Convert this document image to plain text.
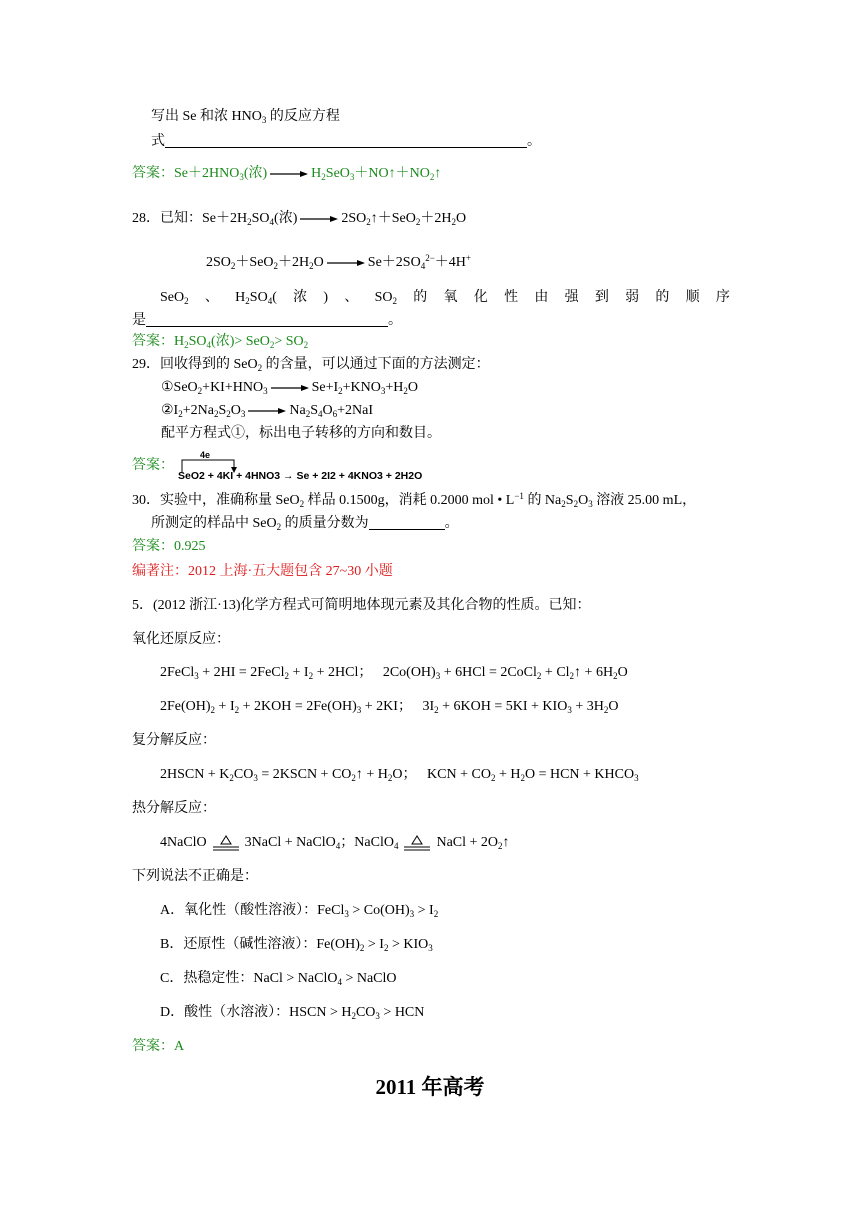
写出 Se 和浓 $HNO_3$ 的反应方程
式	。
答案：$Se+2HNO_3$(浓)	$H_2SeO_3+NO↑+NO_2↑$
28．已知：$Se+2H_2SO_4$(浓)	$2SO_2↑+SeO_2+2H_2O$
$2SO_2+SeO_2+2H_2O$	$Se+2SO_4^{2-}+4H^+$
SeO$_2$ 、 $H_2SO_4$( 浓 ) 、 $SO_2$ 的 氧 化 性 由 强 到 弱 的 顺 序
是	。
答案：$H_2SO_4$(浓)> $SeO_2> SO_2$
29．回收得到的 SeO$_2$ 的含量，可以通过下面的方法测定：
$①SeO_2+KI+HNO_3$	$Se+I_2+KNO_3+H_2O$
$②I_2+2Na_2S_2O_3$	$Na_2S_4O_6+2NaI$
配平方程式①，标出电子转移的方向和数目。
答案：
4e
SeO2 + 4KI + 4HNO3 → Se + 2I2 + 4KNO3 + 2H2O
30．实验中，准确称量 SeO$_2$ 样品 0.1500g，消耗 0.2000 mol • $L^{-1}$ 的 $Na_2S_2O_3$ 溶液 25.00 mL，
所测定的样品中 SeO$_2$ 的质量分数为	。
答案：0.925
编著注：2012 上海·五大题包含 27~30 小题
5．(2012 浙江·13)化学方程式可简明地体现元素及其化合物的性质。已知：
氧化还原反应：
2FeCl$_3$ + 2HI = 2FeCl$_2$ + $I_2 + 2HCl$；   $2Co(OH)_3 + 6HCl$ = 2CoCl$_2$ + $Cl_2↑ + 6H_2O$
$2Fe(OH)_2 + I_2 + 2KOH = 2Fe(OH)_3 + 2KI$；   $3I_2 + 6KOH = 5KI + KIO_3 + 3H_2O$
复分解反应：
2HSCN + $K_2CO_3$ = 2KSCN + $CO_2↑ + H_2O$；   KCN + $CO_2 + H_2O$ = HCN + $KHCO_3$
热分解反应：
4NaClO	3NaCl + NaClO$_4$；NaClO$_4$	NaCl + $2O_2↑$
下列说法不正确是：
A．氧化性（酸性溶液）：FeCl$_3$ > $Co(OH)_3 > I_2$
B．还原性（碱性溶液）：$Fe(OH)_2 > I_2 > KIO_3$
C．热稳定性：NaCl > NaClO$_4$ > NaClO
D．酸性（水溶液）：HSCN > $H_2CO_3$ > HCN
答案：A
2011 年高考
